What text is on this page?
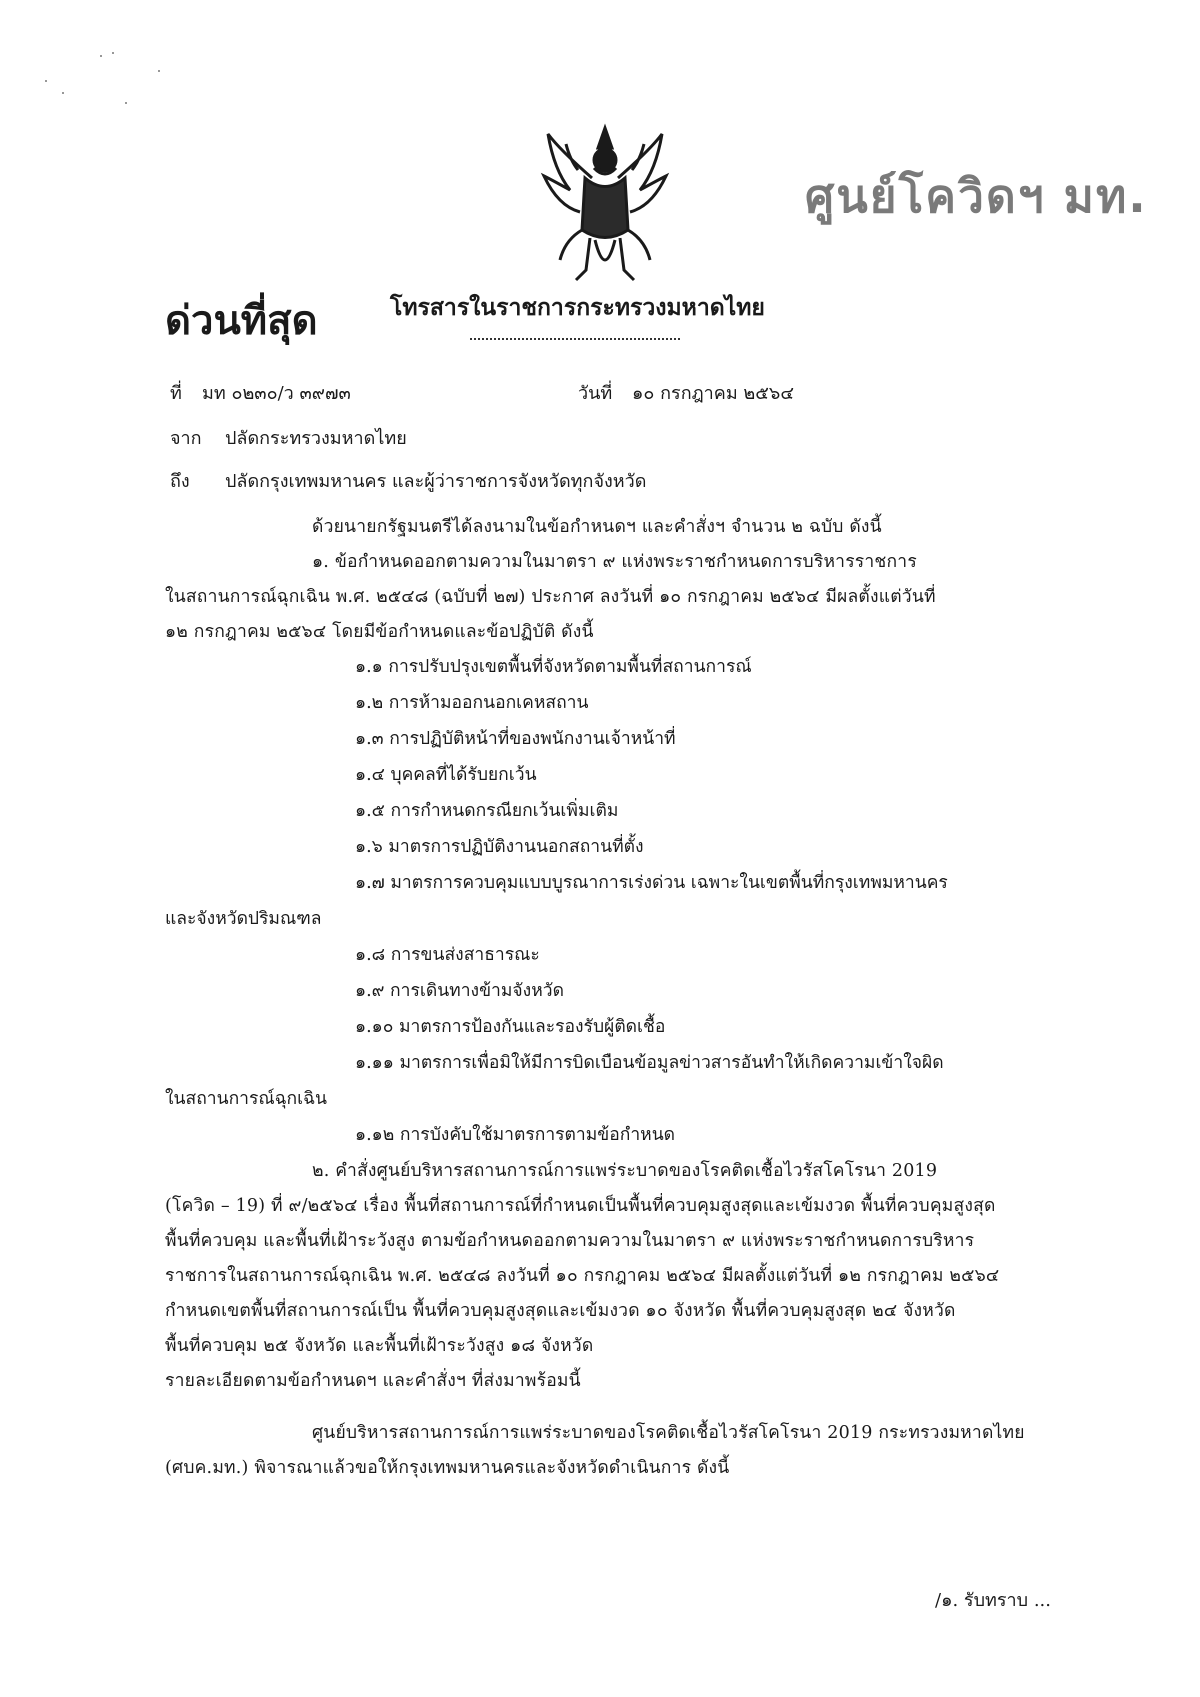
ศูนย์โควิดฯ มท.
ด่วนที่สุด	โทรสารในราชการกระทรวงมหาดไทย
ที่ มท ๐๒๓๐/ว ๓๙๗๓	วันที่ ๑๐ กรกฎาคม ๒๕๖๔
จาก ปลัดกระทรวงมหาดไทย
ถึง ปลัดกรุงเทพมหานคร และผู้ว่าราชการจังหวัดทุกจังหวัด
ด้วยนายกรัฐมนตรีได้ลงนามในข้อกำหนดฯ และคำสั่งฯ จำนวน ๒ ฉบับ ดังนี้
๑. ข้อกำหนดออกตามความในมาตรา ๙ แห่งพระราชกำหนดการบริหารราชการ
ในสถานการณ์ฉุกเฉิน พ.ศ. ๒๕๔๘ (ฉบับที่ ๒๗) ประกาศ ลงวันที่ ๑๐ กรกฎาคม ๒๕๖๔ มีผลตั้งแต่วันที่
๑๒ กรกฎาคม ๒๕๖๔ โดยมีข้อกำหนดและข้อปฏิบัติ ดังนี้
๑.๑ การปรับปรุงเขตพื้นที่จังหวัดตามพื้นที่สถานการณ์
๑.๒ การห้ามออกนอกเคหสถาน
๑.๓ การปฏิบัติหน้าที่ของพนักงานเจ้าหน้าที่
๑.๔ บุคคลที่ได้รับยกเว้น
๑.๕ การกำหนดกรณียกเว้นเพิ่มเติม
๑.๖ มาตรการปฏิบัติงานนอกสถานที่ตั้ง
๑.๗ มาตรการควบคุมแบบบูรณาการเร่งด่วน เฉพาะในเขตพื้นที่กรุงเทพมหานคร
และจังหวัดปริมณฑล
๑.๘ การขนส่งสาธารณะ
๑.๙ การเดินทางข้ามจังหวัด
๑.๑๐ มาตรการป้องกันและรองรับผู้ติดเชื้อ
๑.๑๑ มาตรการเพื่อมิให้มีการบิดเบือนข้อมูลข่าวสารอันทำให้เกิดความเข้าใจผิด
ในสถานการณ์ฉุกเฉิน
๑.๑๒ การบังคับใช้มาตรการตามข้อกำหนด
๒. คำสั่งศูนย์บริหารสถานการณ์การแพร่ระบาดของโรคติดเชื้อไวรัสโคโรนา 2019
(โควิด – 19) ที่ ๙/๒๕๖๔ เรื่อง พื้นที่สถานการณ์ที่กำหนดเป็นพื้นที่ควบคุมสูงสุดและเข้มงวด พื้นที่ควบคุมสูงสุด
พื้นที่ควบคุม และพื้นที่เฝ้าระวังสูง ตามข้อกำหนดออกตามความในมาตรา ๙ แห่งพระราชกำหนดการบริหาร
ราชการในสถานการณ์ฉุกเฉิน พ.ศ. ๒๕๔๘ ลงวันที่ ๑๐ กรกฎาคม ๒๕๖๔ มีผลตั้งแต่วันที่ ๑๒ กรกฎาคม ๒๕๖๔
กำหนดเขตพื้นที่สถานการณ์เป็น พื้นที่ควบคุมสูงสุดและเข้มงวด ๑๐ จังหวัด พื้นที่ควบคุมสูงสุด ๒๔ จังหวัด
พื้นที่ควบคุม ๒๕ จังหวัด และพื้นที่เฝ้าระวังสูง ๑๘ จังหวัด
รายละเอียดตามข้อกำหนดฯ และคำสั่งฯ ที่ส่งมาพร้อมนี้
ศูนย์บริหารสถานการณ์การแพร่ระบาดของโรคติดเชื้อไวรัสโคโรนา 2019 กระทรวงมหาดไทย
(ศบค.มท.) พิจารณาแล้วขอให้กรุงเทพมหานครและจังหวัดดำเนินการ ดังนี้
/๑. รับทราบ ...
